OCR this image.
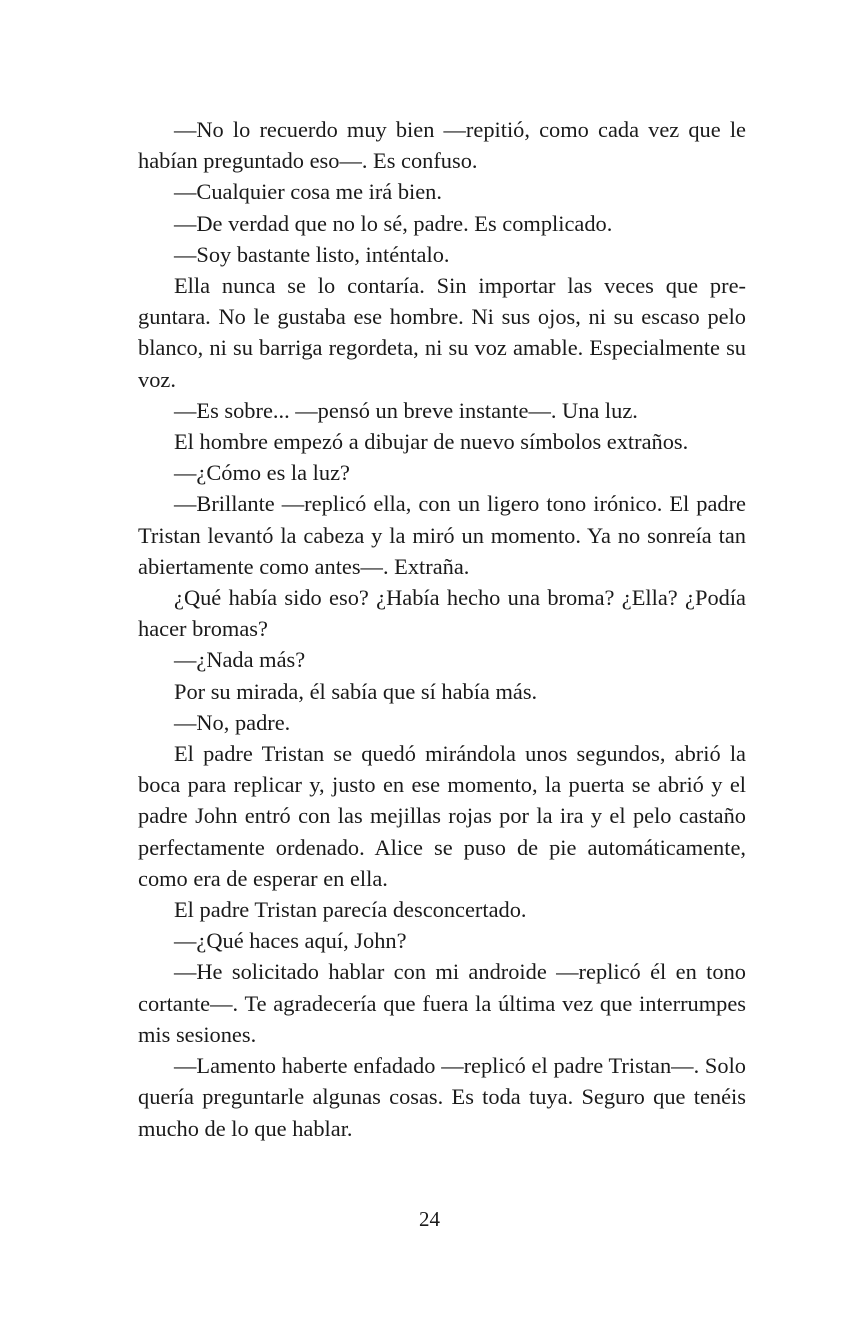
—No lo recuerdo muy bien —repitió, como cada vez que le habían preguntado eso—. Es confuso.

—Cualquier cosa me irá bien.

—De verdad que no lo sé, padre. Es complicado.

—Soy bastante listo, inténtalo.

Ella nunca se lo contaría. Sin importar las veces que preguntara. No le gustaba ese hombre. Ni sus ojos, ni su escaso pelo blanco, ni su barriga regordeta, ni su voz amable. Especialmente su voz.

—Es sobre... —pensó un breve instante—. Una luz.

El hombre empezó a dibujar de nuevo símbolos extraños.

—¿Cómo es la luz?

—Brillante —replicó ella, con un ligero tono irónico. El padre Tristan levantó la cabeza y la miró un momento. Ya no sonreía tan abiertamente como antes—. Extraña.

¿Qué había sido eso? ¿Había hecho una broma? ¿Ella? ¿Podía hacer bromas?

—¿Nada más?

Por su mirada, él sabía que sí había más.

—No, padre.

El padre Tristan se quedó mirándola unos segundos, abrió la boca para replicar y, justo en ese momento, la puerta se abrió y el padre John entró con las mejillas rojas por la ira y el pelo castaño perfectamente ordenado. Alice se puso de pie automáticamente, como era de esperar en ella.

El padre Tristan parecía desconcertado.

—¿Qué haces aquí, John?

—He solicitado hablar con mi androide —replicó él en tono cortante—. Te agradecería que fuera la última vez que interrumpes mis sesiones.

—Lamento haberte enfadado —replicó el padre Tristan—. Solo quería preguntarle algunas cosas. Es toda tuya. Seguro que tenéis mucho de lo que hablar.

24
